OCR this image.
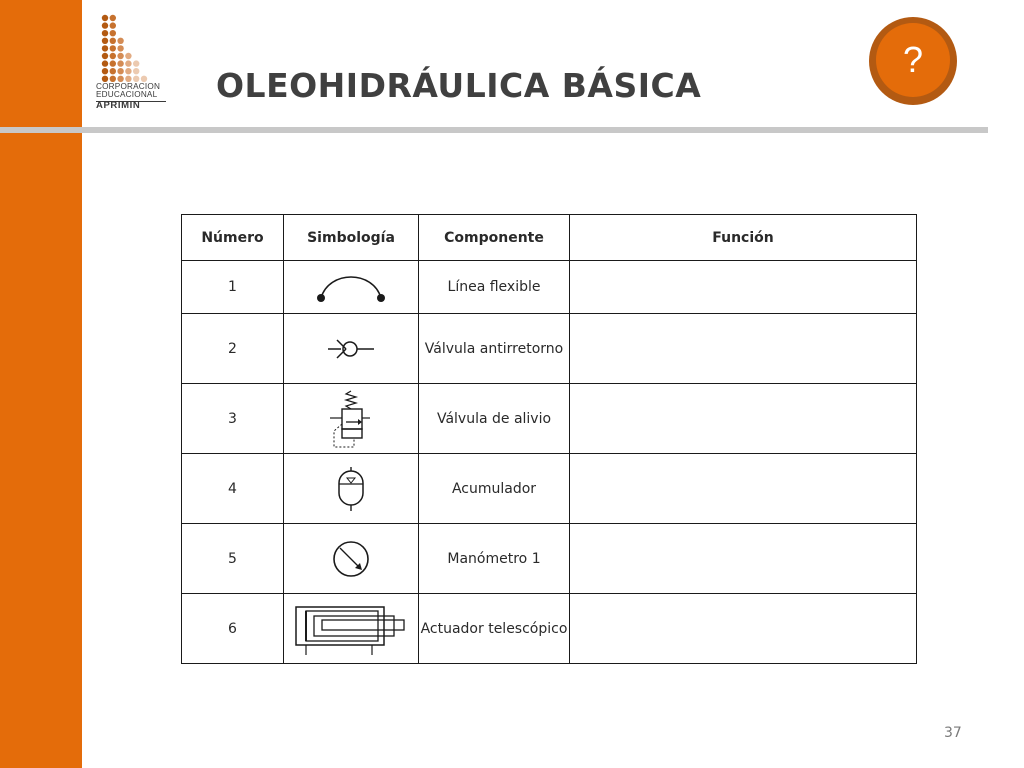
CORPORACION
EDUCACIONAL
APRIMIN
OLEOHIDRÁULICA BÁSICA
?
Número	Simbología	Componente	Función
1		Línea flexible	
2		Válvula antirretorno	
3		Válvula de alivio	
4		Acumulador	
5		Manómetro 1	
6		Actuador telescópico	
37
